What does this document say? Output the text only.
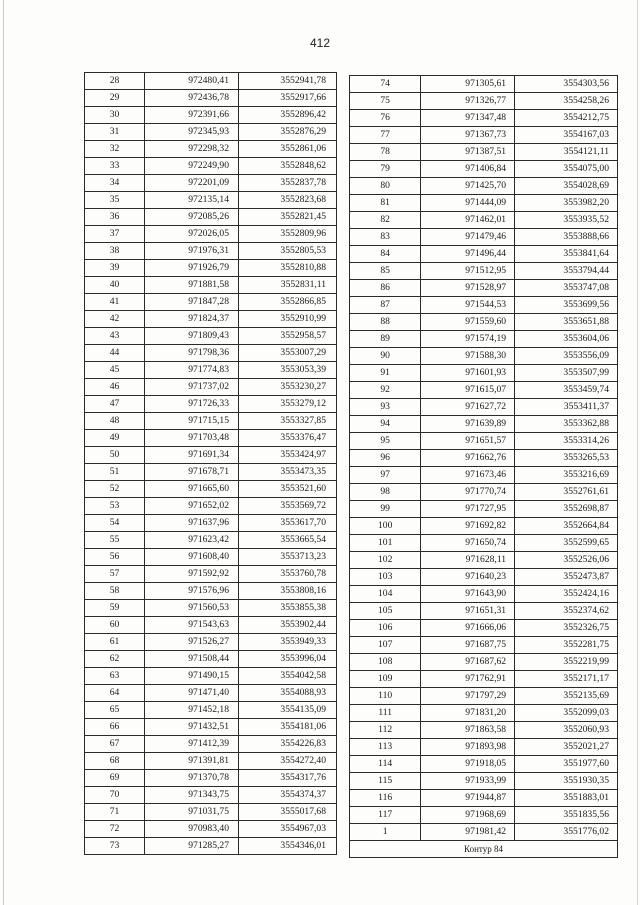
412
28	972480,41	3552941,78
29	972436,78	3552917,66
30	972391,66	3552896,42
31	972345,93	3552876,29
32	972298,32	3552861,06
33	972249,90	3552848,62
34	972201,09	3552837,78
35	972135,14	3552823,68
36	972085,26	3552821,45
37	972026,05	3552809,96
38	971976,31	3552805,53
39	971926,79	3552810,88
40	971881,58	3552831,11
41	971847,28	3552866,85
42	971824,37	3552910,99
43	971809,43	3552958,57
44	971798,36	3553007,29
45	971774,83	3553053,39
46	971737,02	3553230,27
47	971726,33	3553279,12
48	971715,15	3553327,85
49	971703,48	3553376,47
50	971691,34	3553424,97
51	971678,71	3553473,35
52	971665,60	3553521,60
53	971652,02	3553569,72
54	971637,96	3553617,70
55	971623,42	3553665,54
56	971608,40	3553713,23
57	971592,92	3553760,78
58	971576,96	3553808,16
59	971560,53	3553855,38
60	971543,63	3553902,44
61	971526,27	3553949,33
62	971508,44	3553996,04
63	971490,15	3554042,58
64	971471,40	3554088,93
65	971452,18	3554135,09
66	971432,51	3554181,06
67	971412,39	3554226,83
68	971391,81	3554272,40
69	971370,78	3554317,76
70	971343,75	3554374,37
71	971031,75	3555017,68
72	970983,40	3554967,03
73	971285,27	3554346,01
74	971305,61	3554303,56
75	971326,77	3554258,26
76	971347,48	3554212,75
77	971367,73	3554167,03
78	971387,51	3554121,11
79	971406,84	3554075,00
80	971425,70	3554028,69
81	971444,09	3553982,20
82	971462,01	3553935,52
83	971479,46	3553888,66
84	971496,44	3553841,64
85	971512,95	3553794,44
86	971528,97	3553747,08
87	971544,53	3553699,56
88	971559,60	3553651,88
89	971574,19	3553604,06
90	971588,30	3553556,09
91	971601,93	3553507,99
92	971615,07	3553459,74
93	971627,72	3553411,37
94	971639,89	3553362,88
95	971651,57	3553314,26
96	971662,76	3553265,53
97	971673,46	3553216,69
98	971770,74	3552761,61
99	971727,95	3552698,87
100	971692,82	3552664,84
101	971650,74	3552599,65
102	971628,11	3552526,06
103	971640,23	3552473,87
104	971643,90	3552424,16
105	971651,31	3552374,62
106	971666,06	3552326,75
107	971687,75	3552281,75
108	971687,62	3552219,99
109	971762,91	3552171,17
110	971797,29	3552135,69
111	971831,20	3552099,03
112	971863,58	3552060,93
113	971893,98	3552021,27
114	971918,05	3551977,60
115	971933,99	3551930,35
116	971944,87	3551883,01
117	971968,69	3551835,56
1	971981,42	3551776,02
Контур 84		
